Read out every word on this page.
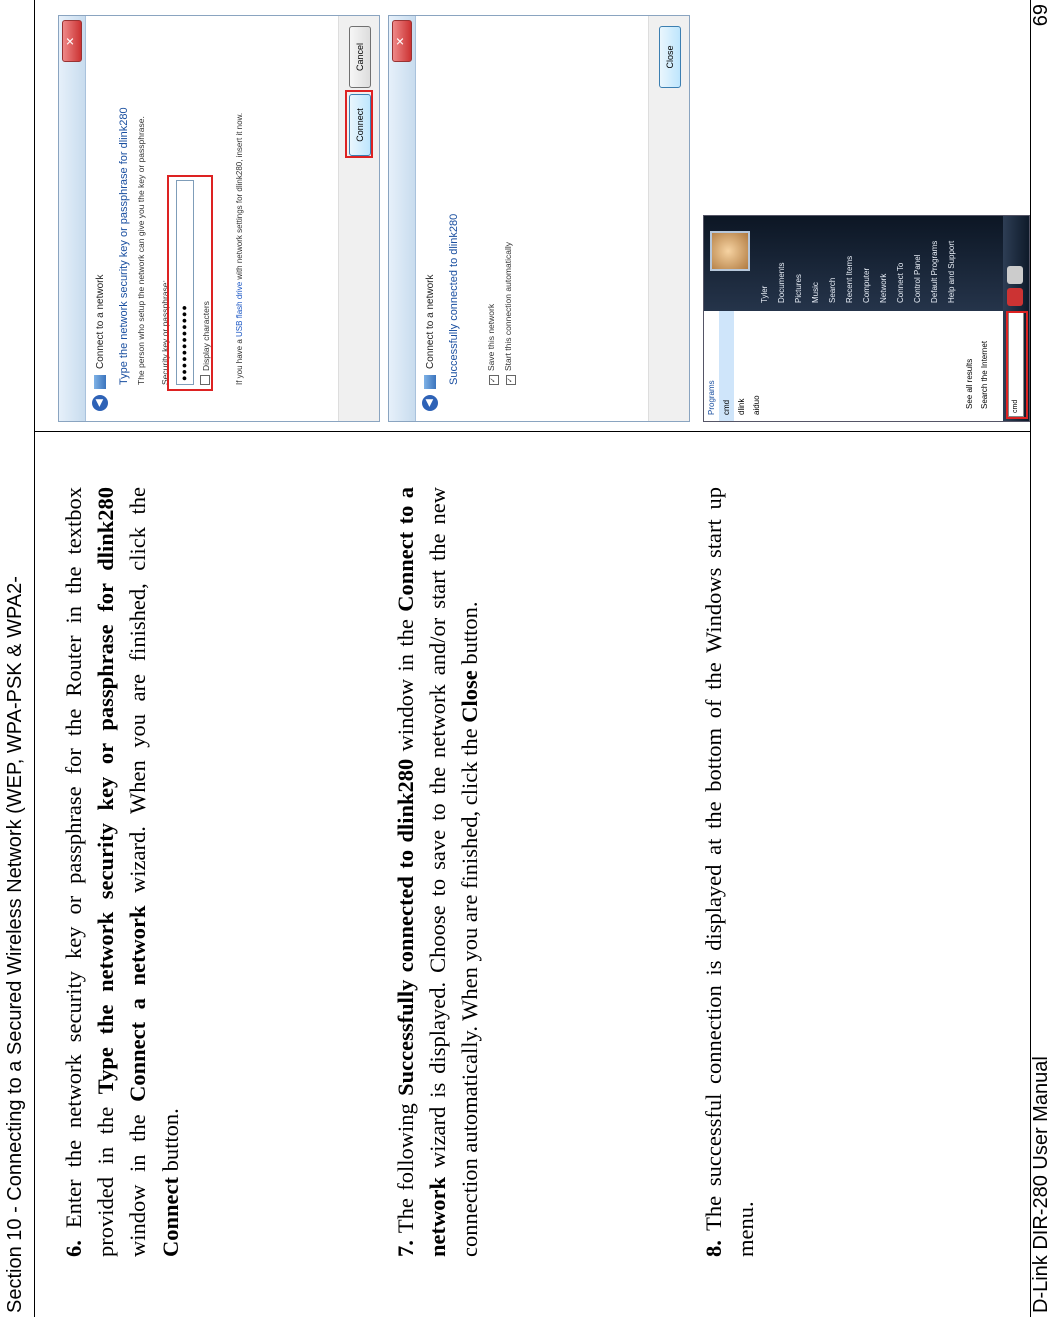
Section 10 - Connecting to a Secured Wireless Network (WEP, WPA-PSK & WPA2- 6. Enter the network security key or passphrase for the Router in the textbox provided in the Type the network security key or passphrase for dlink280 window in the Connect a network wizard. When you are finished, click the Connect button.
7. The following Successfully connected to dlink280 window in the Connect to a network wizard is displayed. Choose to save to the network and/or start the new connection automatically. When you are finished, click the Close button.
8. The successful connection is displayed at the bottom of the Windows start up menu.
✕
◀
Connect to a network	Type the network security key or passphrase for dlink280 The person who setup the network can give you the key or passphrase. Security key or passphrase:	●●●●●●●●●●●●	Display characters	If you have a USB flash drive with network settings for dlink280, insert it now.	Connect
Cancel
✕
◀
Connect to a network	Successfully connected to dlink280	✓Save this network
✓Start this connection automatically
Close
Programs cmd dlink aiduo	See all results Search the Internet
Tyler	Documents	Pictures	Music	Search	Recent Items	Computer	Network	Connect To	Control Panel	Default Programs	Help and Support
cmd
D-Link DIR-280 User Manual
69
